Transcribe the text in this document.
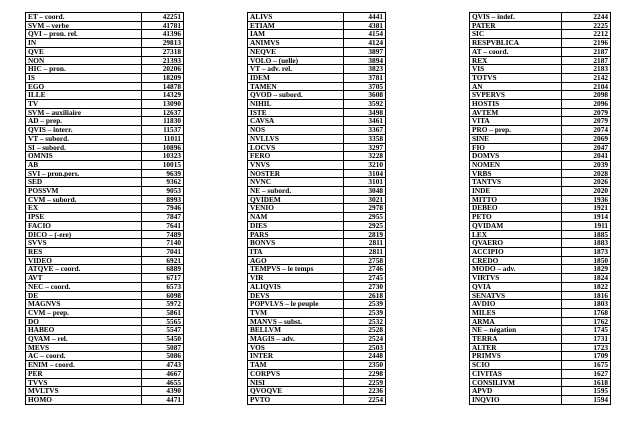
ET – coord.	42251
SVM – verbe	41781
QVI – pron. rel.	41396
IN	29813
QVE	27318
NON	21393
HIC – pron.	20206
IS	18209
EGO	14878
ILLE	14329
TV	13090
SVM – auxiliaire	12637
AD – prep.	11830
QVIS – interr.	11537
VT – subord.	11011
SI – subord.	10896
OMNIS	10323
AB	10015
SVI – pron.pers.	9639
SED	9362
POSSVM	9053
CVM – subord.	8993
EX	7946
IPSE	7847
FACIO	7641
DICO – (-ere)	7489
SVVS	7140
RES	7041
VIDEO	6921
ATQVE – coord.	6889
AVT	6717
NEC – coord.	6573
DE	6098
MAGNVS	5972
CVM – prep.	5861
DO	5565
HABEO	5547
QVAM – rel.	5450
MEVS	5087
AC – coord.	5086
ENIM – coord.	4743
PER	4667
TVVS	4655
MVLTVS	4390
HOMO	4471
ALIVS	4441
ETIAM	4381
IAM	4154
ANIMVS	4124
NEQVE	3897
VOLO – (uelle)	3894
VT – adv. rel.	3823
IDEM	3781
TAMEN	3705
QVOD – subord.	3608
NIHIL	3592
ISTE	3498
CAVSA	3461
NOS	3367
NVLLVS	3358
LOCVS	3297
FERO	3228
VNVS	3210
NOSTER	3104
NVNC	3101
NE – subord.	3048
QVIDEM	3021
VENIO	2978
NAM	2955
DIES	2925
PARS	2819
BONVS	2811
ITA	2811
AGO	2758
TEMPVS – le temps	2746
VIR	2745
ALIQVIS	2730
DEVS	2618
POPVLVS – le peuple	2539
TVM	2539
MANVS – subst.	2532
BELLVM	2528
MAGIS – adv.	2524
VOS	2503
INTER	2448
TAM	2350
CORPVS	2298
NISI	2259
QVOQVE	2236
PVTO	2254
QVIS – indef.	2244
PATER	2225
SIC	2212
RESPVBLICA	2196
AT – coord.	2187
REX	2187
VIS	2183
TOTVS	2142
AN	2104
SVPERVS	2098
HOSTIS	2096
AVTEM	2079
VITA	2079
PRO – prep.	2074
SINE	2069
FIO	2047
DOMVS	2041
NOMEN	2039
VRBS	2028
TANTVS	2026
INDE	2020
MITTO	1936
DEBEO	1921
PETO	1914
QVIDAM	1911
LEX	1885
QVAERO	1883
ACCIPIO	1873
CREDO	1850
MODO – adv.	1829
VIRTVS	1824
QVIA	1822
SENATVS	1816
AVDIO	1803
MILES	1768
ARMA	1762
NE – négation	1745
TERRA	1731
ALTER	1723
PRIMVS	1709
SCIO	1675
CIVITAS	1627
CONSILIVM	1618
APVD	1595
INQVIO	1594
